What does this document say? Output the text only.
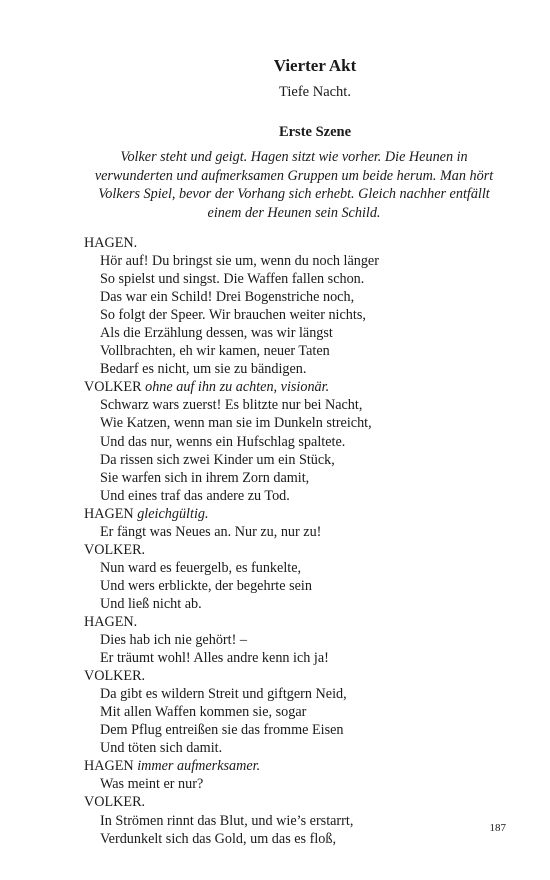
Vierter Akt
Tiefe Nacht.
Erste Szene
Volker steht und geigt. Hagen sitzt wie vorher. Die Heunen in verwunderten und aufmerksamen Gruppen um beide herum. Man hört Volkers Spiel, bevor der Vorhang sich erhebt. Gleich nachher entfällt einem der Heunen sein Schild.
HAGEN.
Hör auf! Du bringst sie um, wenn du noch länger
So spielst und singst. Die Waffen fallen schon.
Das war ein Schild! Drei Bogenstriche noch,
So folgt der Speer. Wir brauchen weiter nichts,
Als die Erzählung dessen, was wir längst
Vollbrachten, eh wir kamen, neuer Taten
Bedarf es nicht, um sie zu bändigen.
VOLKER ohne auf ihn zu achten, visionär.
Schwarz wars zuerst! Es blitzte nur bei Nacht,
Wie Katzen, wenn man sie im Dunkeln streicht,
Und das nur, wenns ein Hufschlag spaltete.
Da rissen sich zwei Kinder um ein Stück,
Sie warfen sich in ihrem Zorn damit,
Und eines traf das andere zu Tod.
HAGEN gleichgültig.
Er fängt was Neues an. Nur zu, nur zu!
VOLKER.
Nun ward es feuergelb, es funkelte,
Und wers erblickte, der begehrte sein
Und ließ nicht ab.
HAGEN.
Dies hab ich nie gehört! –
Er träumt wohl! Alles andre kenn ich ja!
VOLKER.
Da gibt es wildern Streit und giftgern Neid,
Mit allen Waffen kommen sie, sogar
Dem Pflug entreißen sie das fromme Eisen
Und töten sich damit.
HAGEN immer aufmerksamer.
Was meint er nur?
VOLKER.
In Strömen rinnt das Blut, und wie’s erstarrt,
Verdunkelt sich das Gold, um das es floß,
187
